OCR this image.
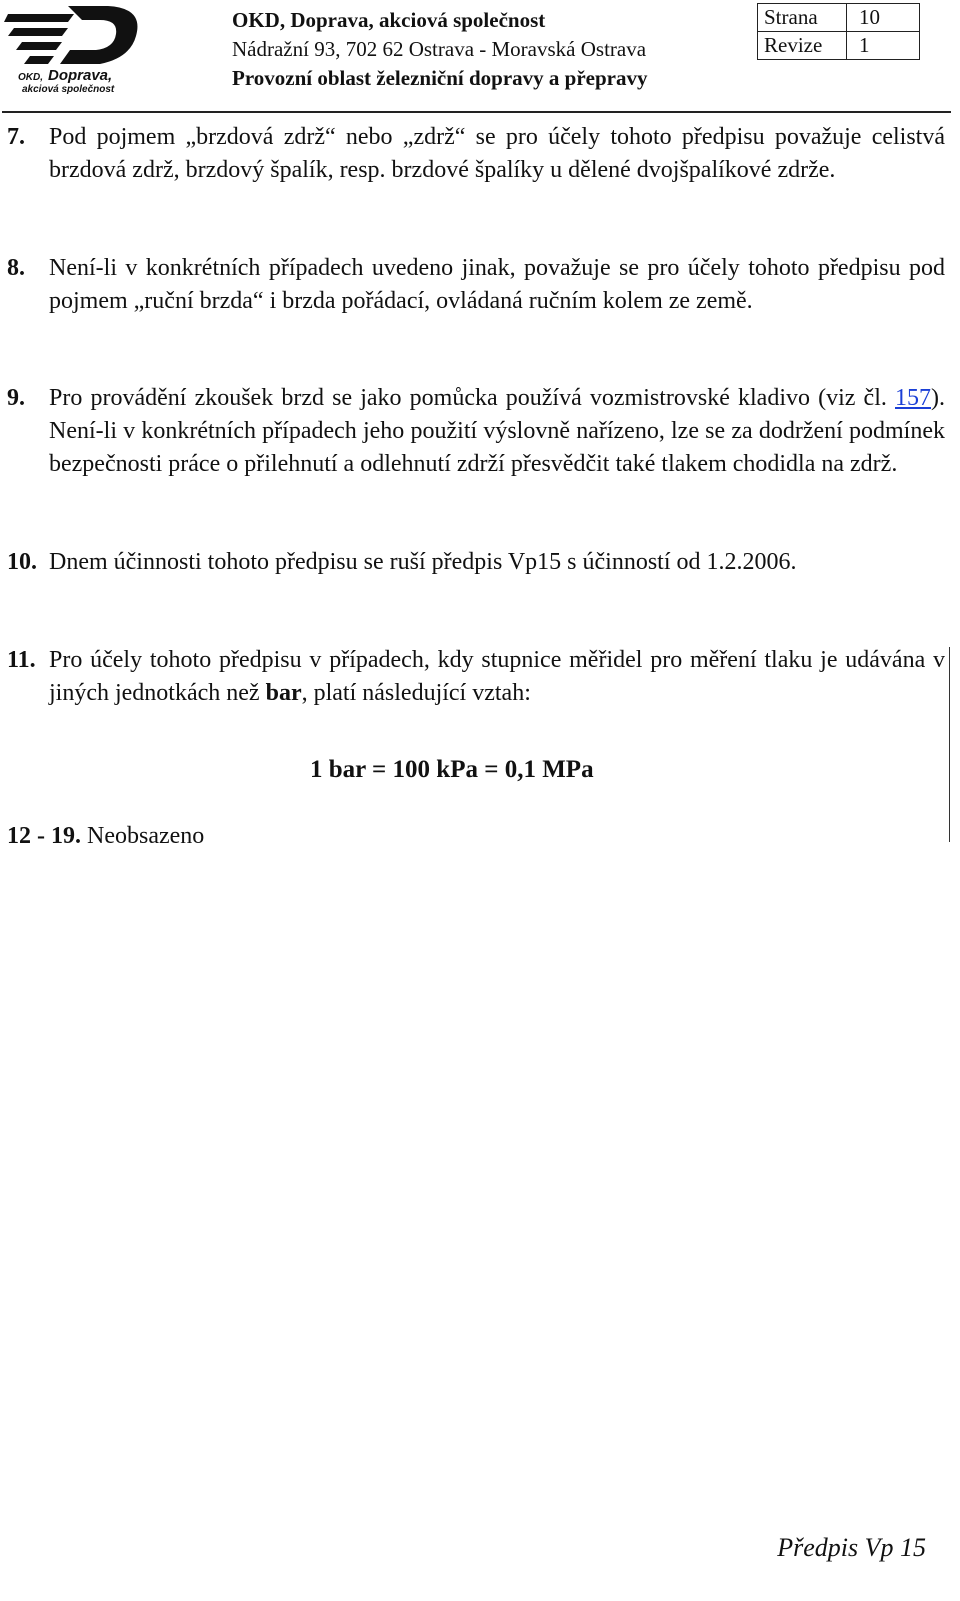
OKD, Doprava,
akciová společnost
OKD, Doprava, akciová společnost
Nádražní 93, 702 62 Ostrava - Moravská Ostrava
Provozní oblast železniční dopravy a přepravy
Strana	10
Revize	1
7. Pod pojmem „brzdová zdrž“ nebo „zdrž“ se pro účely tohoto předpisu považuje celistvá brzdová zdrž, brzdový špalík, resp. brzdové špalíky u dělené dvojšpalíkové zdrže.
8. Není-li v konkrétních případech uvedeno jinak, považuje se pro účely tohoto předpisu pod pojmem „ruční brzda“ i brzda pořádací, ovládaná ručním kolem ze země.
9. Pro provádění zkoušek brzd se jako pomůcka používá vozmistrovské kladivo (viz čl. 157). Není-li v konkrétních případech jeho použití výslovně nařízeno, lze se za dodržení podmínek bezpečnosti práce o přilehnutí a odlehnutí zdrží přesvědčit také tlakem chodidla na zdrž.
10. Dnem účinnosti tohoto předpisu se ruší předpis Vp15 s účinností od 1.2.2006.
11. Pro účely tohoto předpisu v případech, kdy stupnice měřidel pro měření tlaku je udávána v jiných jednotkách než bar, platí následující vztah:
1 bar = 100 kPa = 0,1 MPa
12 - 19. Neobsazeno
Předpis Vp 15
